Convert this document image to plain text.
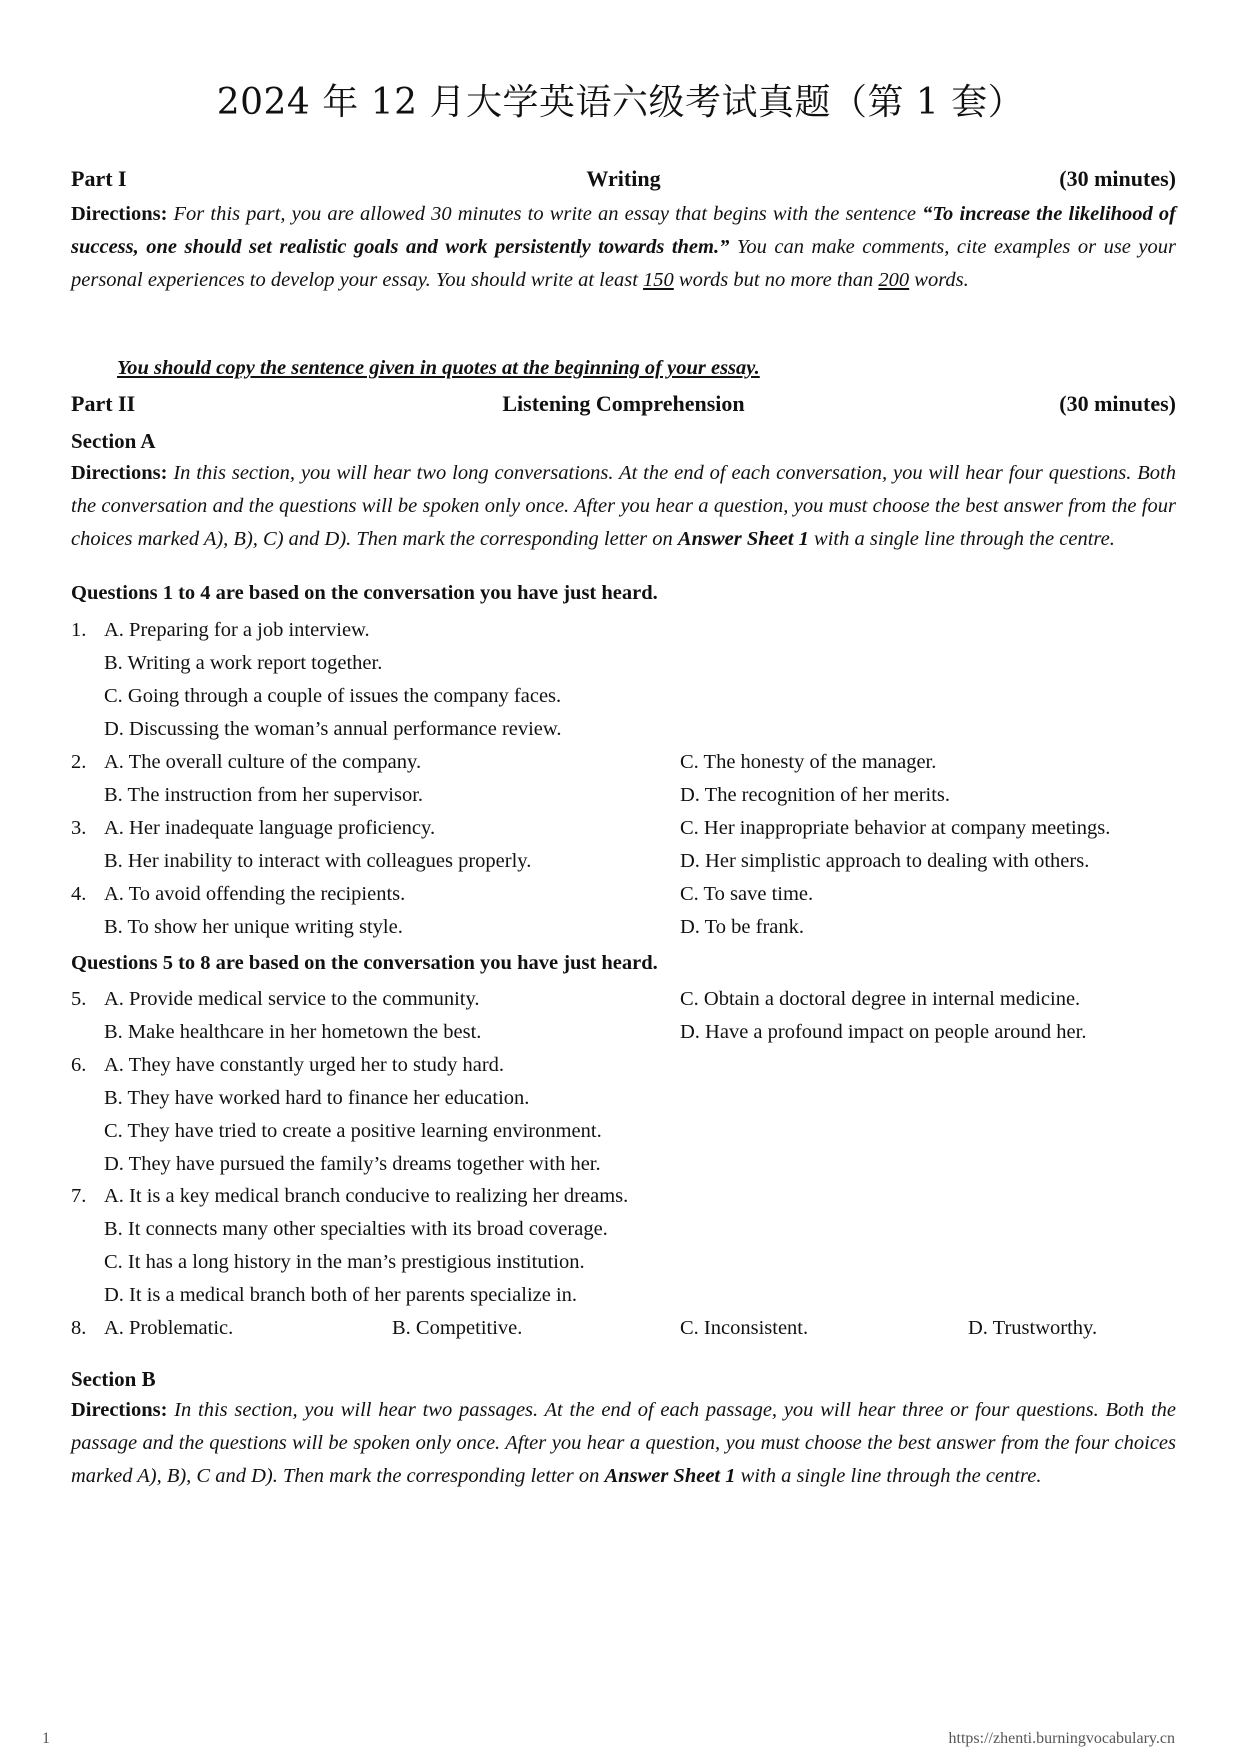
2024 年 12 月大学英语六级考试真题（第 1 套）
Part I	Writing	(30 minutes)
Directions: For this part, you are allowed 30 minutes to write an essay that begins with the sentence “To increase the likelihood of success, one should set realistic goals and work persistently towards them.” You can make comments, cite examples or use your personal experiences to develop your essay. You should write at least 150 words but no more than 200 words.
You should copy the sentence given in quotes at the beginning of your essay.
Part II	Listening Comprehension	(30 minutes)
Section A
Directions: In this section, you will hear two long conversations. At the end of each conversation, you will hear four questions. Both the conversation and the questions will be spoken only once. After you hear a question, you must choose the best answer from the four choices marked A), B), C) and D). Then mark the corresponding letter on Answer Sheet 1 with a single line through the centre.
Questions 1 to 4 are based on the conversation you have just heard.
1. A. Preparing for a job interview.
B. Writing a work report together.
C. Going through a couple of issues the company faces.
D. Discussing the woman’s annual performance review.
2. A. The overall culture of the company.
B. The instruction from her supervisor.
C. The honesty of the manager.
D. The recognition of her merits.
3. A. Her inadequate language proficiency.
B. Her inability to interact with colleagues properly.
C. Her inappropriate behavior at company meetings.
D. Her simplistic approach to dealing with others.
4. A. To avoid offending the recipients.
B. To show her unique writing style.
C. To save time.
D. To be frank.
Questions 5 to 8 are based on the conversation you have just heard.
5. A. Provide medical service to the community.
B. Make healthcare in her hometown the best.
C. Obtain a doctoral degree in internal medicine.
D. Have a profound impact on people around her.
6. A. They have constantly urged her to study hard.
B. They have worked hard to finance her education.
C. They have tried to create a positive learning environment.
D. They have pursued the family’s dreams together with her.
7. A. It is a key medical branch conducive to realizing her dreams.
B. It connects many other specialties with its broad coverage.
C. It has a long history in the man’s prestigious institution.
D. It is a medical branch both of her parents specialize in.
8. A. Problematic.	B. Competitive.	C. Inconsistent.	D. Trustworthy.
Section B
Directions: In this section, you will hear two passages. At the end of each passage, you will hear three or four questions. Both the passage and the questions will be spoken only once. After you hear a question, you must choose the best answer from the four choices marked A), B), C and D). Then mark the corresponding letter on Answer Sheet 1 with a single line through the centre.
1	https://zhenti.burningvocabulary.cn
